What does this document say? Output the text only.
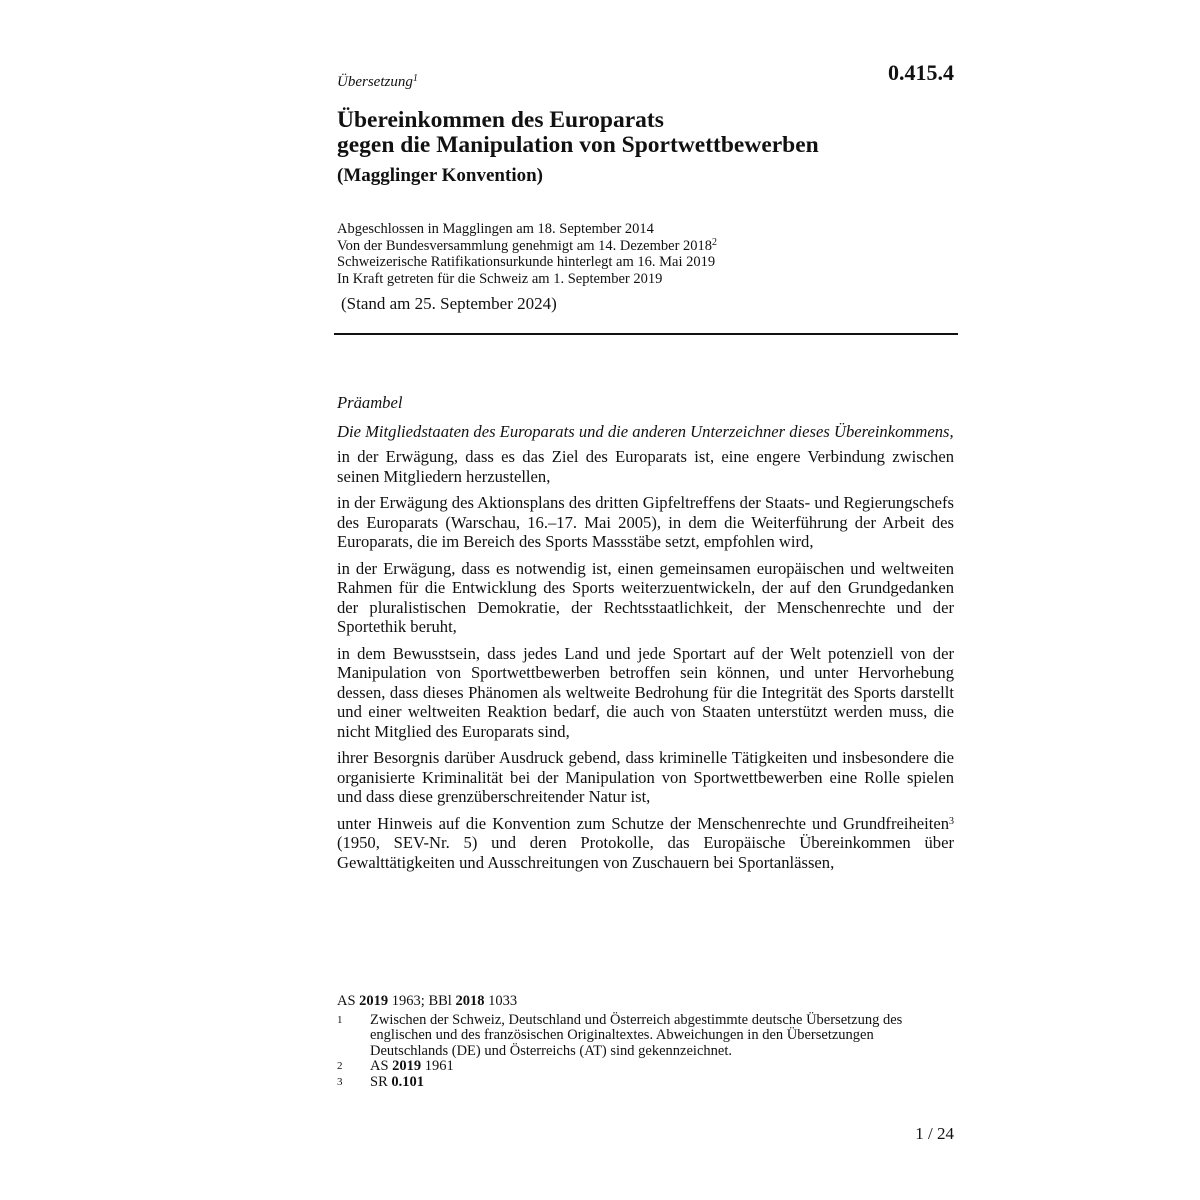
0.415.4
Übersetzung$^1$
Übereinkommen des Europarats
gegen die Manipulation von Sportwettbewerben
(Magglinger Konvention)
Abgeschlossen in Magglingen am 18. September 2014
Von der Bundesversammlung genehmigt am 14. Dezember 2018$^2$
Schweizerische Ratifikationsurkunde hinterlegt am 16. Mai 2019
In Kraft getreten für die Schweiz am 1. September 2019
(Stand am 25. September 2024)
Präambel
Die Mitgliedstaaten des Europarats und die anderen Unterzeichner dieses Übereinkommens,

in der Erwägung, dass es das Ziel des Europarats ist, eine engere Verbindung zwischen seinen Mitgliedern herzustellen,

in der Erwägung des Aktionsplans des dritten Gipfeltreffens der Staats- und Regierungschefs des Europarats (Warschau, 16.–17. Mai 2005), in dem die Weiterführung der Arbeit des Europarats, die im Bereich des Sports Massstäbe setzt, empfohlen wird,

in der Erwägung, dass es notwendig ist, einen gemeinsamen europäischen und weltweiten Rahmen für die Entwicklung des Sports weiterzuentwickeln, der auf den Grundgedanken der pluralistischen Demokratie, der Rechtsstaatlichkeit, der Menschenrechte und der Sportethik beruht,

in dem Bewusstsein, dass jedes Land und jede Sportart auf der Welt potenziell von der Manipulation von Sportwettbewerben betroffen sein können, und unter Hervorhebung dessen, dass dieses Phänomen als weltweite Bedrohung für die Integrität des Sports darstellt und einer weltweiten Reaktion bedarf, die auch von Staaten unterstützt werden muss, die nicht Mitglied des Europarats sind,

ihrer Besorgnis darüber Ausdruck gebend, dass kriminelle Tätigkeiten und insbesondere die organisierte Kriminalität bei der Manipulation von Sportwettbewerben eine Rolle spielen und dass diese grenzüberschreitender Natur ist,

unter Hinweis auf die Konvention zum Schutze der Menschenrechte und Grundfreiheiten$^3$ (1950, SEV-Nr. 5) und deren Protokolle, das Europäische Übereinkommen über Gewalttätigkeiten und Ausschreitungen von Zuschauern bei Sportanlässen,

AS 2019 1963; BBl 2018 1033
1	Zwischen der Schweiz, Deutschland und Österreich abgestimmte deutsche Übersetzung des englischen und des französischen Originaltextes. Abweichungen in den Übersetzungen Deutschlands (DE) und Österreichs (AT) sind gekennzeichnet.
2	AS 2019 1961
3	SR 0.101
1 / 24
